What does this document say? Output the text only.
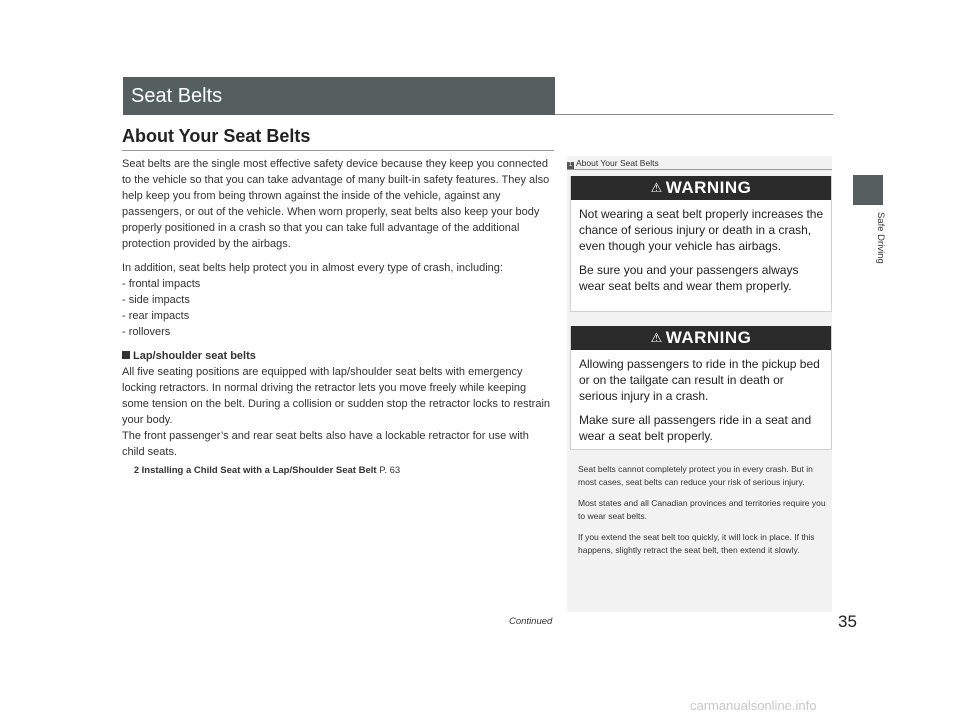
Seat Belts
About Your Seat Belts

Seat belts are the single most effective safety device because they keep you connected to the vehicle so that you can take advantage of many built-in safety features. They also help keep you from being thrown against the inside of the vehicle, against any passengers, or out of the vehicle. When worn properly, seat belts also keep your body properly positioned in a crash so that you can take full advantage of the additional protection provided by the airbags.

In addition, seat belts help protect you in almost every type of crash, including:
- frontal impacts
- side impacts
- rear impacts
- rollovers
Lap/shoulder seat belts

All five seating positions are equipped with lap/shoulder seat belts with emergency locking retractors. In normal driving the retractor lets you move freely while keeping some tension on the belt. During a collision or sudden stop the retractor locks to restrain your body.

The front passenger’s and rear seat belts also have a lockable retractor for use with child seats.

2 Installing a Child Seat with a Lap/Shoulder Seat Belt P. 63
1 About Your Seat Belts
⚠ WARNING

Not wearing a seat belt properly increases the chance of serious injury or death in a crash, even though your vehicle has airbags.

Be sure you and your passengers always wear seat belts and wear them properly.

⚠ WARNING

Allowing passengers to ride in the pickup bed or on the tailgate can result in death or serious injury in a crash.

Make sure all passengers ride in a seat and wear a seat belt properly.

Seat belts cannot completely protect you in every crash. But in most cases, seat belts can reduce your risk of serious injury.

Most states and all Canadian provinces and territories require you to wear seat belts.

If you extend the seat belt too quickly, it will lock in place. If this happens, slightly retract the seat belt, then extend it slowly.

Safe Driving
Continued	35
carmanualsonline.info
